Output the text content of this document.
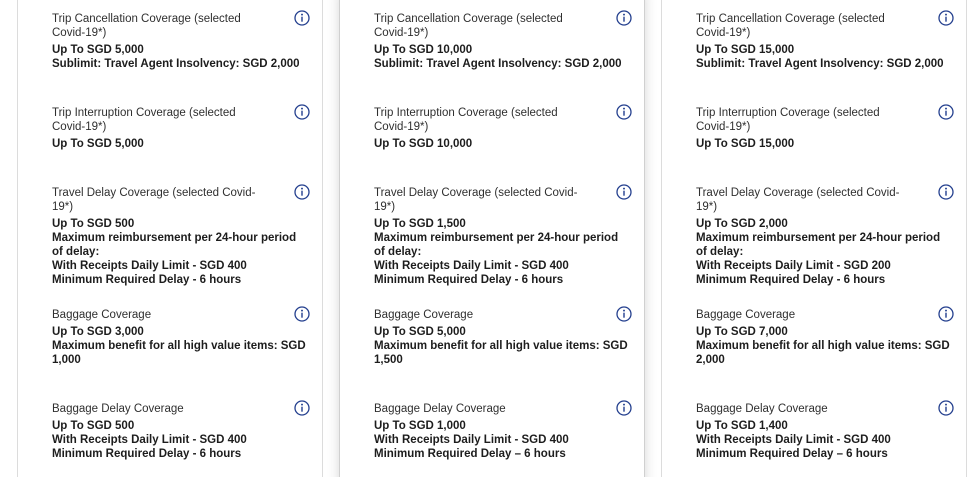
Trip Cancellation Coverage (selected Covid-19*)
Up To SGD 5,000
Sublimit: Travel Agent Insolvency: SGD 2,000
Trip Interruption Coverage (selected Covid-19*)
Up To SGD 5,000
Travel Delay Coverage (selected Covid-19*)
Up To SGD 500
Maximum reimbursement per 24-hour period of delay:
With Receipts Daily Limit - SGD 400
Minimum Required Delay - 6 hours
Baggage Coverage
Up To SGD 3,000
Maximum benefit for all high value items: SGD 1,000
Baggage Delay Coverage
Up To SGD 500
With Receipts Daily Limit - SGD 400
Minimum Required Delay - 6 hours
Trip Cancellation Coverage (selected Covid-19*)
Up To SGD 10,000
Sublimit: Travel Agent Insolvency: SGD 2,000
Trip Interruption Coverage (selected Covid-19*)
Up To SGD 10,000
Travel Delay Coverage (selected Covid-19*)
Up To SGD 1,500
Maximum reimbursement per 24-hour period of delay:
With Receipts Daily Limit - SGD 400
Minimum Required Delay - 6 hours
Baggage Coverage
Up To SGD 5,000
Maximum benefit for all high value items: SGD 1,500
Baggage Delay Coverage
Up To SGD 1,000
With Receipts Daily Limit - SGD 400
Minimum Required Delay – 6 hours
Trip Cancellation Coverage (selected Covid-19*)
Up To SGD 15,000
Sublimit: Travel Agent Insolvency: SGD 2,000
Trip Interruption Coverage (selected Covid-19*)
Up To SGD 15,000
Travel Delay Coverage (selected Covid-19*)
Up To SGD 2,000
Maximum reimbursement per 24-hour period of delay:
With Receipts Daily Limit - SGD 200
Minimum Required Delay - 6 hours
Baggage Coverage
Up To SGD 7,000
Maximum benefit for all high value items: SGD 2,000
Baggage Delay Coverage
Up To SGD 1,400
With Receipts Daily Limit - SGD 400
Minimum Required Delay – 6 hours
